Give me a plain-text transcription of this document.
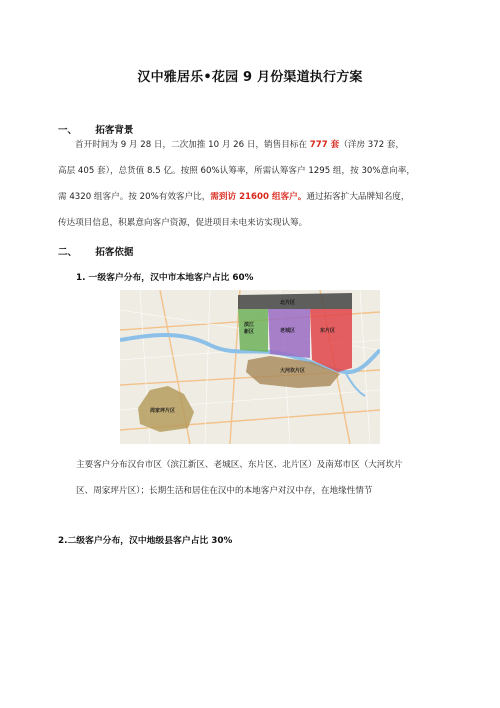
汉中雅居乐•花园 9 月份渠道执行方案
一、 拓客背景
首开时间为 9 月 28 日，二次加推 10 月 26 日，销售目标在 777 套（洋房 372 套，
高层 405 套），总货值 8.5 亿。按照 60%认筹率，所需认筹客户 1295 组，按 30%意向率，
需 4320 组客户。按 20%有效客户比，需到访 21600 组客户。通过拓客扩大品牌知名度，
传达项目信息，积累意向客户资源，促进项目未电来访实现认筹。
二、 拓客依据
1. 一级客户分布，汉中市本地客户占比 60%
北片区
滨江
新区	老城区	东片区
大河坎片区
周家坪片区
主要客户分布汉台市区（滨江新区、老城区、东片区、北片区）及南郑市区（大河坎片
区、周家坪片区）；长期生活和居住在汉中的本地客户对汉中存，在地缘性情节
2.二级客户分布，汉中地级县客户占比 30%
